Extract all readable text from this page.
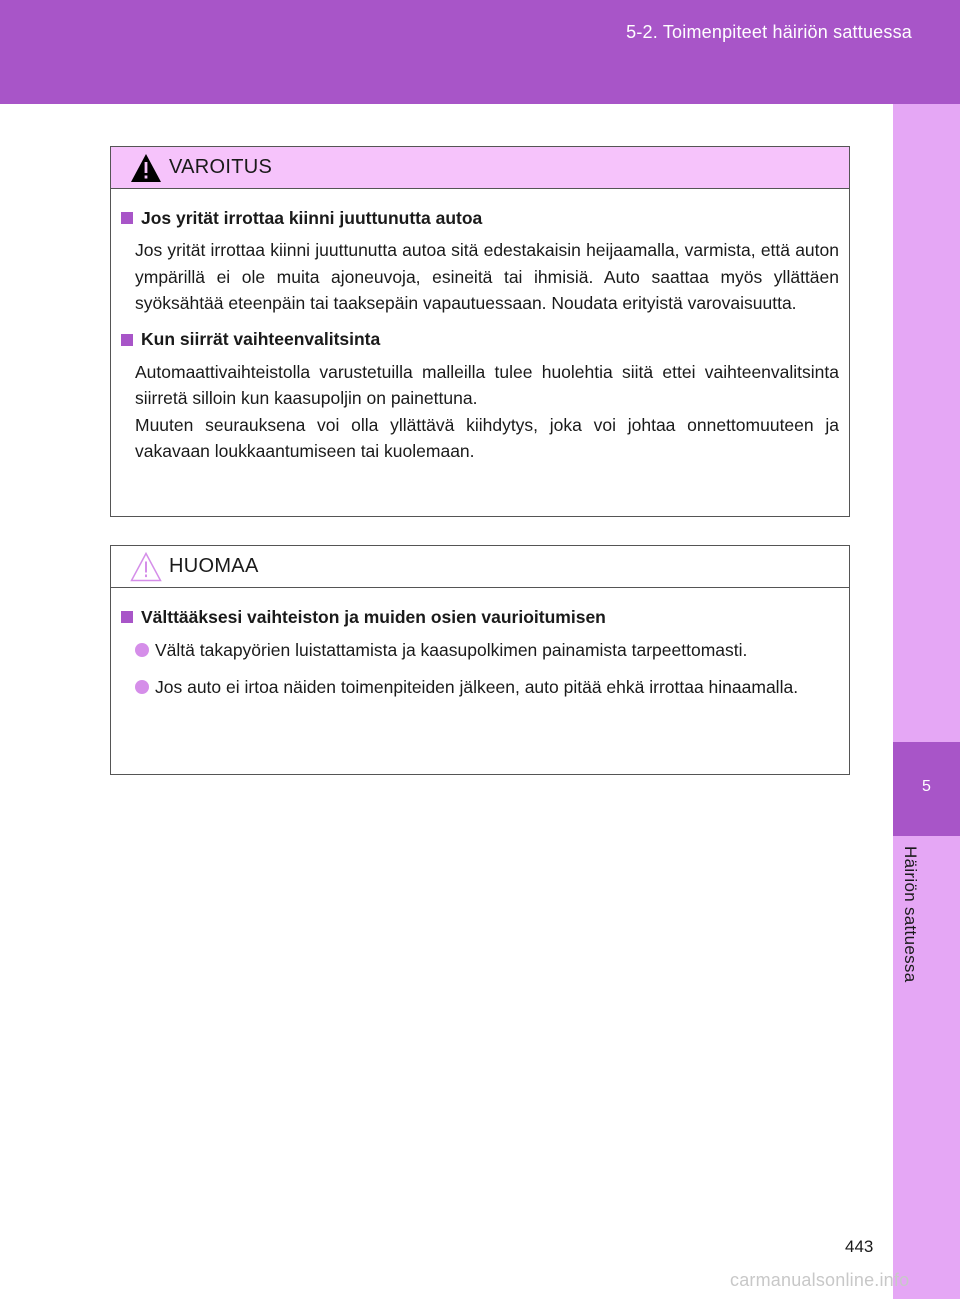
5-2. Toimenpiteet häiriön sattuessa
5
Häiriön sattuessa
VAROITUS
Jos yrität irrottaa kiinni juuttunutta autoa

Jos yrität irrottaa kiinni juuttunutta autoa sitä edestakaisin heijaamalla, varmista, että auton ympärillä ei ole muita ajoneuvoja, esineitä tai ihmisiä. Auto saattaa myös yllättäen syöksähtää eteenpäin tai taaksepäin vapautuessaan. Noudata erityistä varovaisuutta.

Kun siirrät vaihteenvalitsinta

Automaattivaihteistolla varustetuilla malleilla tulee huolehtia siitä ettei vaihteenvalitsinta siirretä silloin kun kaasupoljin on painettuna.

Muuten seurauksena voi olla yllättävä kiihdytys, joka voi johtaa onnettomuuteen ja vakavaan loukkaantumiseen tai kuolemaan.

HUOMAA
Välttääksesi vaihteiston ja muiden osien vaurioitumisen
Vältä takapyörien luistattamista ja kaasupolkimen painamista tarpeettomasti.
Jos auto ei irtoa näiden toimenpiteiden jälkeen, auto pitää ehkä irrottaa hinaamalla.
443
carmanualsonline.info
